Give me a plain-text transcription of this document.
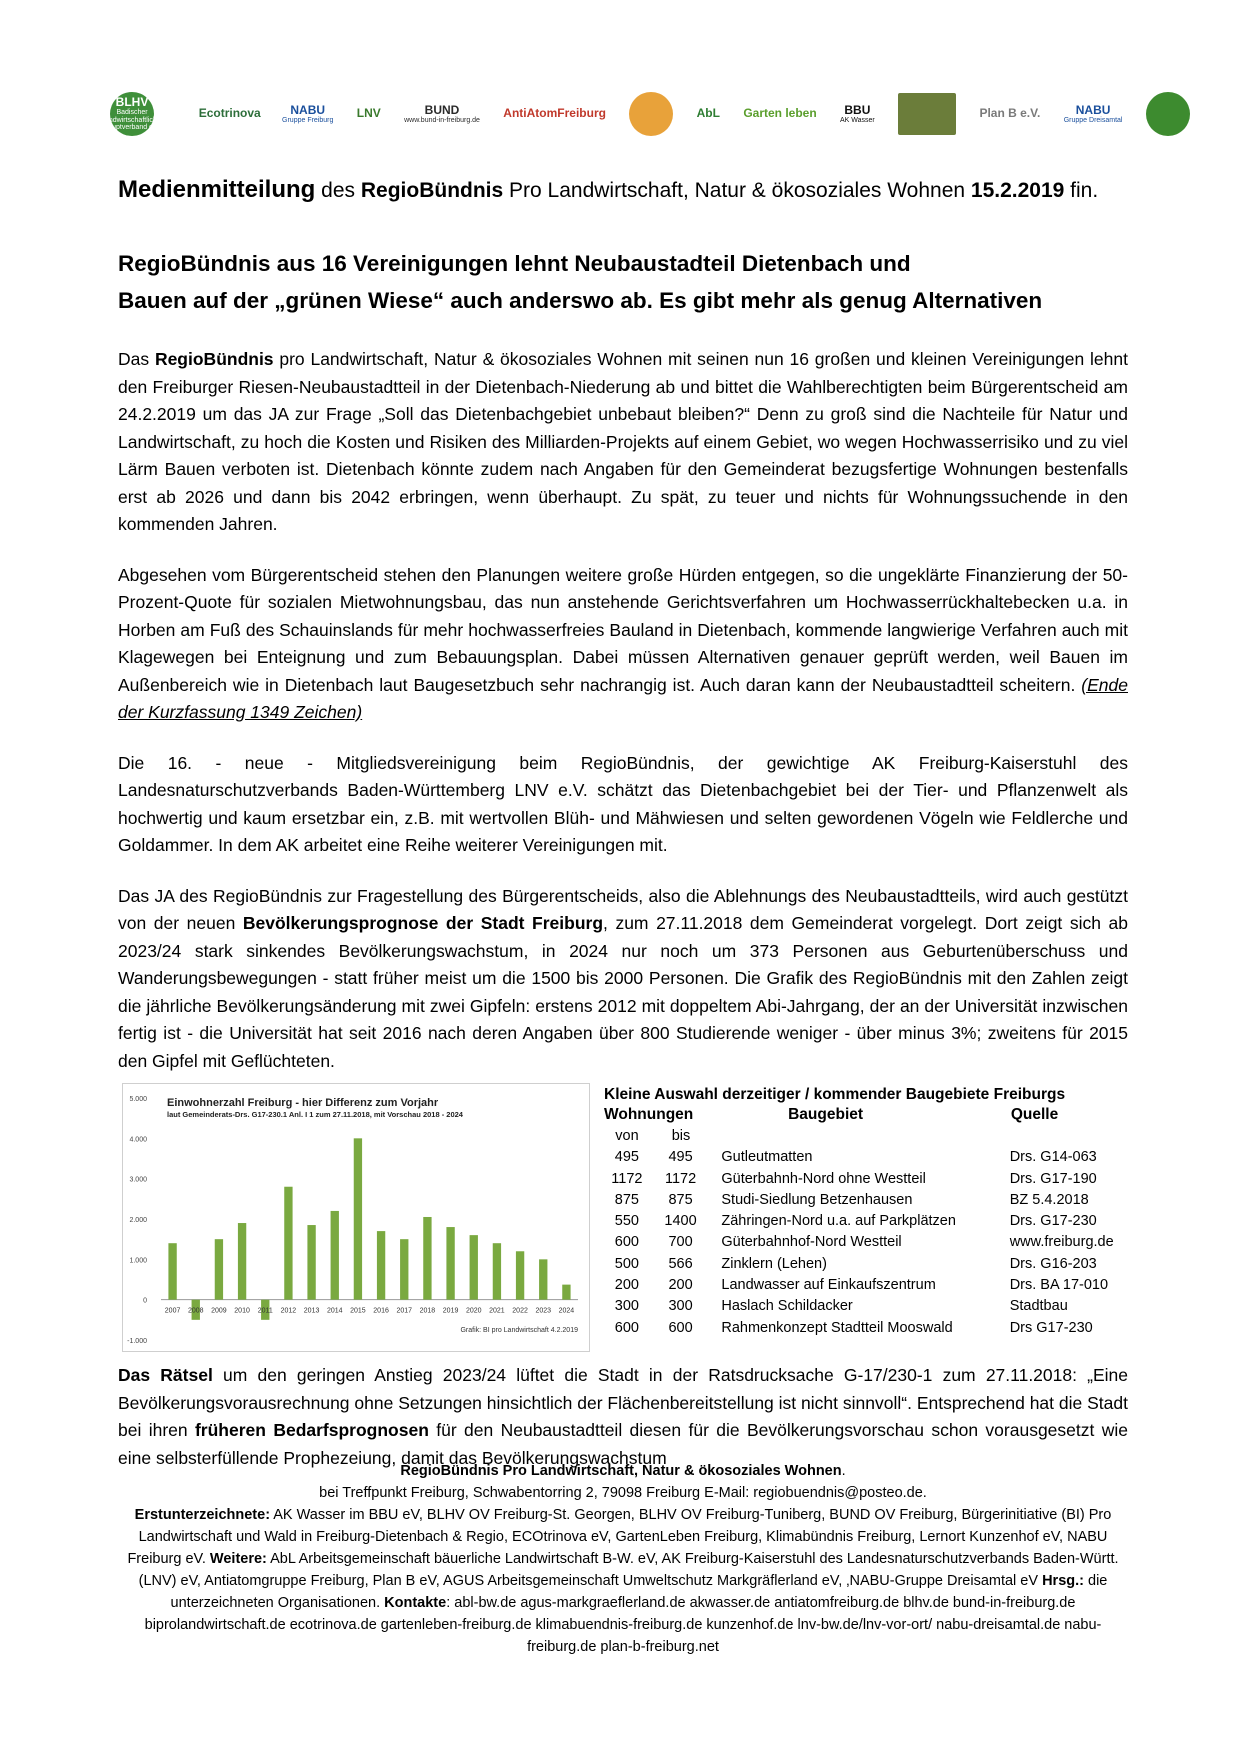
BLHV
Badischer Landwirtschaftlicher Hauptverband e.V.
Ecotrinova	NABU
Gruppe Freiburg LNV	BUND
www.bund-in-freiburg.de AntiAtomFreiburg	AbL Garten leben	BBU
AK Wasser	Plan B e.V.	NABU
Gruppe Dreisamtal
Medienmitteilung des RegioBündnis Pro Landwirtschaft, Natur & ökosoziales Wohnen 15.2.2019 fin.
RegioBündnis aus 16 Vereinigungen lehnt Neubaustadteil Dietenbach und
Bauen auf der „grünen Wiese“ auch anderswo ab. Es gibt mehr als genug Alternativen

Das RegioBündnis pro Landwirtschaft, Natur & ökosoziales Wohnen mit seinen nun 16 großen und kleinen Vereinigungen lehnt den Freiburger Riesen-Neubaustadtteil in der Dietenbach-Niederung ab und bittet die Wahlberechtigten beim Bürgerentscheid am 24.2.2019 um das JA zur Frage „Soll das Dietenbachgebiet unbebaut bleiben?“ Denn zu groß sind die Nachteile für Natur und Landwirtschaft, zu hoch die Kosten und Risiken des Milliarden-Projekts auf einem Gebiet, wo wegen Hochwasserrisiko und zu viel Lärm Bauen verboten ist. Dietenbach könnte zudem nach Angaben für den Gemeinderat bezugsfertige Wohnungen bestenfalls erst ab 2026 und dann bis 2042 erbringen, wenn überhaupt. Zu spät, zu teuer und nichts für Wohnungssuchende in den kommenden Jahren.

Abgesehen vom Bürgerentscheid stehen den Planungen weitere große Hürden entgegen, so die ungeklärte Finanzierung der 50-Prozent-Quote für sozialen Mietwohnungsbau, das nun anstehende Gerichtsverfahren um Hochwasserrückhaltebecken u.a. in Horben am Fuß des Schauinslands für mehr hochwasserfreies Bauland in Dietenbach, kommende langwierige Verfahren auch mit Klagewegen bei Enteignung und zum Bebauungsplan. Dabei müssen Alternativen genauer geprüft werden, weil Bauen im Außenbereich wie in Dietenbach laut Baugesetzbuch sehr nachrangig ist. Auch daran kann der Neubaustadtteil scheitern. (Ende der Kurzfassung 1349 Zeichen)

Die 16. - neue - Mitgliedsvereinigung beim RegioBündnis, der gewichtige AK Freiburg-Kaiserstuhl des Landesnaturschutzverbands Baden-Württemberg LNV e.V. schätzt das Dietenbachgebiet bei der Tier- und Pflanzenwelt als hochwertig und kaum ersetzbar ein, z.B. mit wertvollen Blüh- und Mähwiesen und selten gewordenen Vögeln wie Feldlerche und Goldammer. In dem AK arbeitet eine Reihe weiterer Vereinigungen mit.

Das JA des RegioBündnis zur Fragestellung des Bürgerentscheids, also die Ablehnungs des Neubaustadtteils, wird auch gestützt von der neuen Bevölkerungsprognose der Stadt Freiburg, zum 27.11.2018 dem Gemeinderat vorgelegt. Dort zeigt sich ab 2023/24 stark sinkendes Bevölkerungswachstum, in 2024 nur noch um 373 Personen aus Geburtenüberschuss und Wanderungsbewegungen - statt früher meist um die 1500 bis 2000 Personen. Die Grafik des RegioBündnis mit den Zahlen zeigt die jährliche Bevölkerungsänderung mit zwei Gipfeln: erstens 2012 mit doppeltem Abi-Jahrgang, der an der Universität inzwischen fertig ist - die Universität hat seit 2016 nach deren Angaben über 800 Studierende weniger - über minus 3%; zweitens für 2015 den Gipfel mit Geflüchteten.

5.000
4.000
3.000
2.000
1.000
0
-1.000
Einwohnerzahl Freiburg - hier Differenz zum Vorjahr
laut Gemeinderats-Drs. G17-230.1 Anl. I 1 zum 27.11.2018, mit Vorschau 2018 - 2024
2007 2008 2009 2010 2011 2012 2013 2014 2015 2016 2017 2018 2019 2020 2021 2022 2023 2024
Grafik: BI pro Landwirtschaft 4.2.2019
Kleine Auswahl derzeitiger / kommender Baugebiete Freiburgs
Wohnungen	Baugebiet	Quelle
von	bis
495	495	Gutleutmatten	Drs. G14-063
1172	1172	Güterbahnh-Nord ohne Westteil	Drs. G17-190
875	875	Studi-Siedlung Betzenhausen	BZ 5.4.2018
550	1400	Zähringen-Nord u.a. auf Parkplätzen	Drs. G17-230
600	700	Güterbahnhof-Nord Westteil	www.freiburg.de
500	566	Zinklern (Lehen)	Drs. G16-203
200	200	Landwasser auf Einkaufszentrum	Drs. BA 17-010
300	300	Haslach Schildacker	Stadtbau
600	600	Rahmenkonzept Stadtteil Mooswald	Drs G17-230

Das Rätsel um den geringen Anstieg 2023/24 lüftet die Stadt in der Ratsdrucksache G-17/230-1 zum 27.11.2018: „Eine Bevölkerungsvorausrechnung ohne Setzungen hinsichtlich der Flächenbereitstellung ist nicht sinnvoll“. Entsprechend hat die Stadt bei ihren früheren Bedarfsprognosen für den Neubaustadtteil diesen für die Bevölkerungsvorschau schon vorausgesetzt wie eine selbsterfüllende Prophezeiung, damit das Bevölkerungswachstum

RegioBündnis Pro Landwirtschaft, Natur & ökosoziales Wohnen.
bei Treffpunkt Freiburg, Schwabentorring 2, 79098 Freiburg E-Mail: regiobuendnis@posteo.de.
Erstunterzeichnete: AK Wasser im BBU eV, BLHV OV Freiburg-St. Georgen, BLHV OV Freiburg-Tuniberg, BUND OV Freiburg, Bürgerinitiative (BI) Pro Landwirtschaft und Wald in Freiburg-Dietenbach & Regio, ECOtrinova eV, GartenLeben Freiburg, Klimabündnis Freiburg, Lernort Kunzenhof eV, NABU Freiburg eV. Weitere: AbL Arbeitsgemeinschaft bäuerliche Landwirtschaft B-W. eV, AK Freiburg-Kaiserstuhl des Landesnaturschutzverbands Baden-Württ. (LNV) eV, Antiatomgruppe Freiburg, Plan B eV, AGUS Arbeitsgemeinschaft Umweltschutz Markgräflerland eV, ‚NABU-Gruppe Dreisamtal eV Hrsg.: die unterzeichneten Organisationen. Kontakte: abl-bw.de agus-markgraeflerland.de akwasser.de antiatomfreiburg.de blhv.de bund-in-freiburg.de biprolandwirtschaft.de ecotrinova.de gartenleben-freiburg.de klimabuendnis-freiburg.de kunzenhof.de lnv-bw.de/lnv-vor-ort/ nabu-dreisamtal.de nabu-freiburg.de plan-b-freiburg.net
